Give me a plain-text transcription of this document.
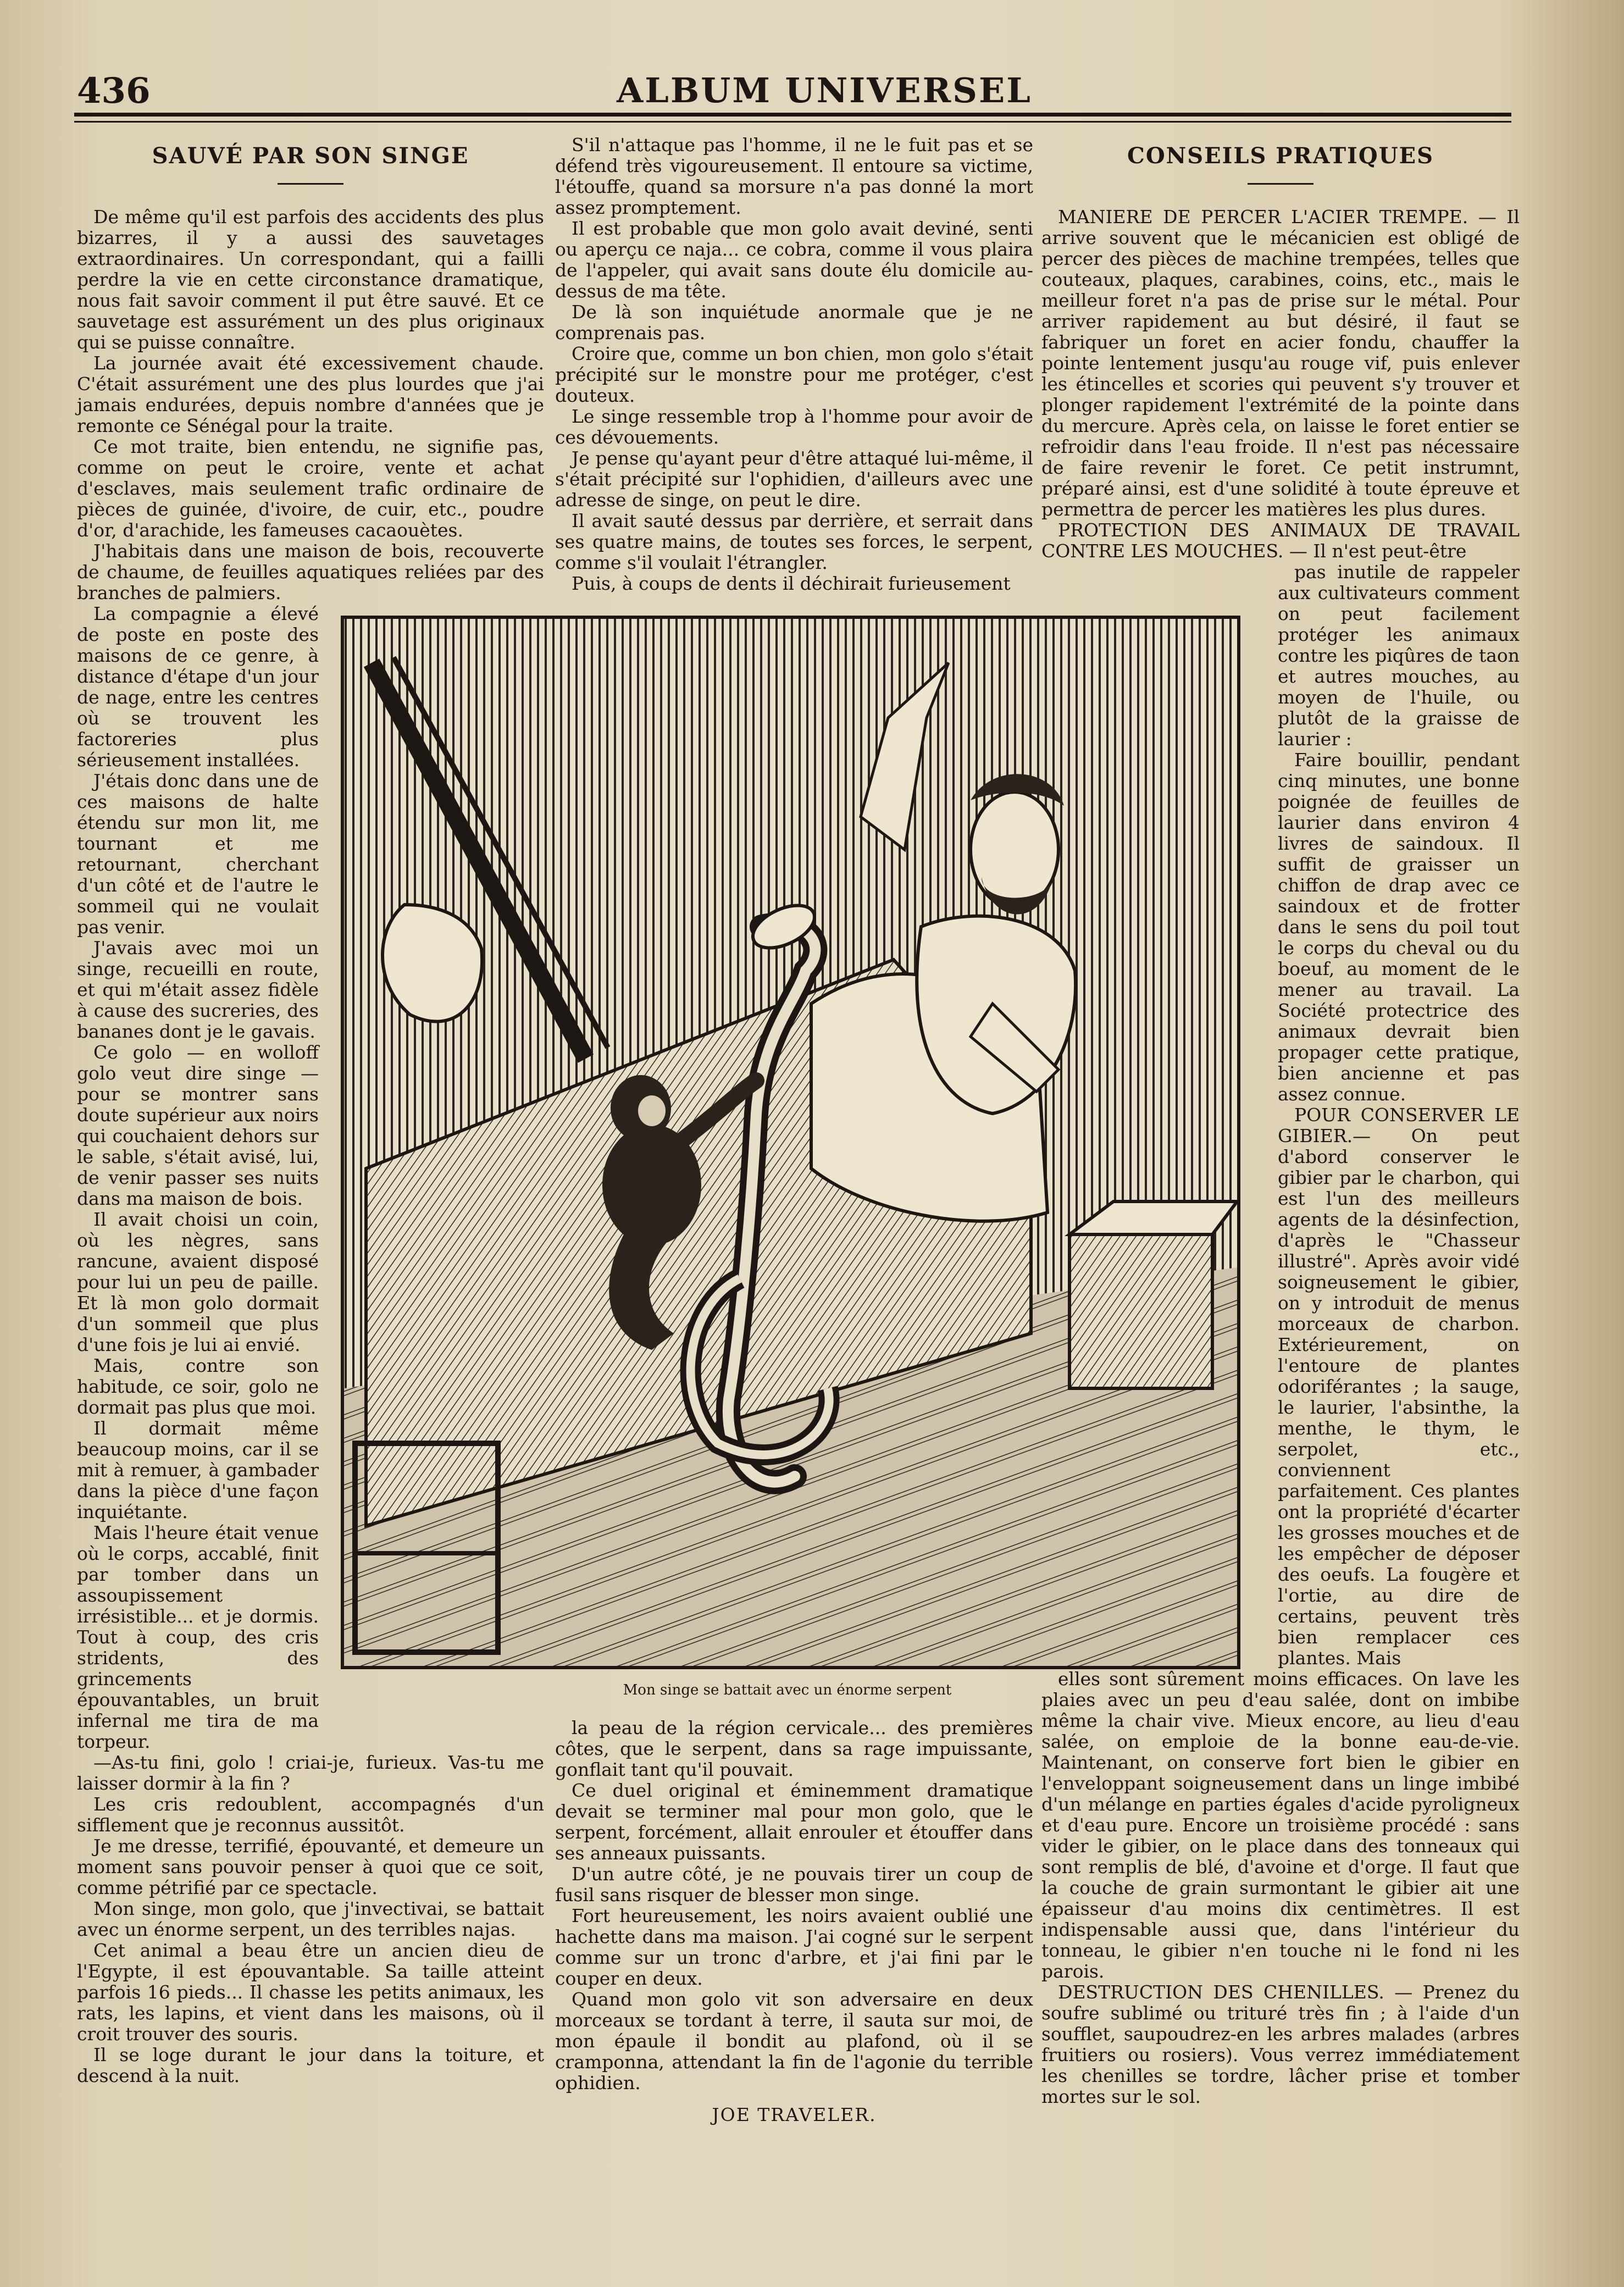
436	ALBUM UNIVERSEL
SAUVÉ PAR SON SINGE

De même qu'il est parfois des accidents des plus bizarres, il y a aussi des sauvetages extraordinaires. Un correspondant, qui a failli perdre la vie en cette circonstance dramatique, nous fait savoir comment il put être sauvé. Et ce sauvetage est assurément un des plus originaux qui se puisse connaître.

La journée avait été excessivement chaude. C'était assurément une des plus lourdes que j'ai jamais endurées, depuis nombre d'années que je remonte ce Sénégal pour la traite.

Ce mot traite, bien entendu, ne signifie pas, comme on peut le croire, vente et achat d'esclaves, mais seulement trafic ordinaire de pièces de guinée, d'ivoire, de cuir, etc., poudre d'or, d'arachide, les fameuses cacaouètes.

J'habitais dans une maison de bois, recouverte de chaume, de feuilles aquatiques reliées par des branches de palmiers.

La compagnie a élevé de poste en poste des maisons de ce genre, à distance d'étape d'un jour de nage, entre les centres où se trouvent les factoreries plus sérieusement installées.

J'étais donc dans une de ces maisons de halte étendu sur mon lit, me tournant et me retournant, cherchant d'un côté et de l'autre le sommeil qui ne voulait pas venir.

J'avais avec moi un singe, recueilli en route, et qui m'était assez fidèle à cause des sucreries, des bananes dont je le gavais.

Ce golo — en wolloff golo veut dire singe — pour se montrer sans doute supérieur aux noirs qui couchaient dehors sur le sable, s'était avisé, lui, de venir passer ses nuits dans ma maison de bois.

Il avait choisi un coin, où les nègres, sans rancune, avaient disposé pour lui un peu de paille. Et là mon golo dormait d'un sommeil que plus d'une fois je lui ai envié.

Mais, contre son habitude, ce soir, golo ne dormait pas plus que moi.

Il dormait même beaucoup moins, car il se mit à remuer, à gambader dans la pièce d'une façon inquiétante.

Mais l'heure était venue où le corps, accablé, finit par tomber dans un assoupissement irrésistible... et je dormis. Tout à coup, des cris stridents, des grincements épouvantables, un bruit infernal me tira de ma torpeur.

—As-tu fini, golo ! criai-je, furieux. Vas-tu me laisser dormir à la fin ?

Les cris redoublent, accompagnés d'un sifflement que je reconnus aussitôt.

Je me dresse, terrifié, épouvanté, et demeure un moment sans pouvoir penser à quoi que ce soit, comme pétrifié par ce spectacle.

Mon singe, mon golo, que j'invectivai, se battait avec un énorme serpent, un des terribles najas.

Cet animal a beau être un ancien dieu de l'Egypte, il est épouvantable. Sa taille atteint parfois 16 pieds... Il chasse les petits animaux, les rats, les lapins, et vient dans les maisons, où il croit trouver des souris.

Il se loge durant le jour dans la toiture, et descend à la nuit.

S'il n'attaque pas l'homme, il ne le fuit pas et se défend très vigoureusement. Il entoure sa victime, l'étouffe, quand sa morsure n'a pas donné la mort assez promptement.

Il est probable que mon golo avait deviné, senti ou aperçu ce naja... ce cobra, comme il vous plaira de l'appeler, qui avait sans doute élu domicile au-dessus de ma tête.

De là son inquiétude anormale que je ne comprenais pas.

Croire que, comme un bon chien, mon golo s'était précipité sur le monstre pour me protéger, c'est douteux.

Le singe ressemble trop à l'homme pour avoir de ces dévouements.

Je pense qu'ayant peur d'être attaqué lui-même, il s'était précipité sur l'ophidien, d'ailleurs avec une adresse de singe, on peut le dire.

Il avait sauté dessus par derrière, et serrait dans ses quatre mains, de toutes ses forces, le serpent, comme s'il voulait l'étrangler.

Puis, à coups de dents il déchirait furieusement

Mon singe se battait avec un énorme serpent

la peau de la région cervicale... des premières côtes, que le serpent, dans sa rage impuissante, gonflait tant qu'il pouvait.

Ce duel original et éminemment dramatique devait se terminer mal pour mon golo, que le serpent, forcément, allait enrouler et étouffer dans ses anneaux puissants.

D'un autre côté, je ne pouvais tirer un coup de fusil sans risquer de blesser mon singe.

Fort heureusement, les noirs avaient oublié une hachette dans ma maison. J'ai cogné sur le serpent comme sur un tronc d'arbre, et j'ai fini par le couper en deux.

Quand mon golo vit son adversaire en deux morceaux se tordant à terre, il sauta sur moi, de mon épaule il bondit au plafond, où il se cramponna, attendant la fin de l'agonie du terrible ophidien.

JOE TRAVELER.
CONSEILS PRATIQUES

MANIERE DE PERCER L'ACIER TREMPE. — Il arrive souvent que le mécanicien est obligé de percer des pièces de machine trempées, telles que couteaux, plaques, carabines, coins, etc., mais le meilleur foret n'a pas de prise sur le métal. Pour arriver rapidement au but désiré, il faut se fabriquer un foret en acier fondu, chauffer la pointe lentement jusqu'au rouge vif, puis enlever les étincelles et scories qui peuvent s'y trouver et plonger rapidement l'extrémité de la pointe dans du mercure. Après cela, on laisse le foret entier se refroidir dans l'eau froide. Il n'est pas nécessaire de faire revenir le foret. Ce petit instrumnt, préparé ainsi, est d'une solidité à toute épreuve et permettra de percer les matières les plus dures.

PROTECTION DES ANIMAUX DE TRAVAIL CONTRE LES MOUCHES. — Il n'est peut-être

pas inutile de rappeler aux cultivateurs comment on peut facilement protéger les animaux contre les piqûres de taon et autres mouches, au moyen de l'huile, ou plutôt de la graisse de laurier :

Faire bouillir, pendant cinq minutes, une bonne poignée de feuilles de laurier dans environ 4 livres de saindoux. Il suffit de graisser un chiffon de drap avec ce saindoux et de frotter dans le sens du poil tout le corps du cheval ou du boeuf, au moment de le mener au travail. La Société protectrice des animaux devrait bien propager cette pratique, bien ancienne et pas assez connue.

POUR CONSERVER LE GIBIER.— On peut d'abord conserver le gibier par le charbon, qui est l'un des meilleurs agents de la désinfection, d'après le "Chasseur illustré". Après avoir vidé soigneusement le gibier, on y introduit de menus morceaux de charbon. Extérieurement, on l'entoure de plantes odoriférantes ; la sauge, le laurier, l'absinthe, la menthe, le thym, le serpolet, etc., conviennent parfaitement. Ces plantes ont la propriété d'écarter les grosses mouches et de les empêcher de déposer des oeufs. La fougère et l'ortie, au dire de certains, peuvent très bien remplacer ces plantes. Mais

elles sont sûrement moins efficaces. On lave les plaies avec un peu d'eau salée, dont on imbibe même la chair vive. Mieux encore, au lieu d'eau salée, on emploie de la bonne eau-de-vie. Maintenant, on conserve fort bien le gibier en l'enveloppant soigneusement dans un linge imbibé d'un mélange en parties égales d'acide pyroligneux et d'eau pure. Encore un troisième procédé : sans vider le gibier, on le place dans des tonneaux qui sont remplis de blé, d'avoine et d'orge. Il faut que la couche de grain surmontant le gibier ait une épaisseur d'au moins dix centimètres. Il est indispensable aussi que, dans l'intérieur du tonneau, le gibier n'en touche ni le fond ni les parois.

DESTRUCTION DES CHENILLES. — Prenez du soufre sublimé ou trituré très fin ; à l'aide d'un soufflet, saupoudrez-en les arbres malades (arbres fruitiers ou rosiers). Vous verrez immédiatement les chenilles se tordre, lâcher prise et tomber mortes sur le sol.
